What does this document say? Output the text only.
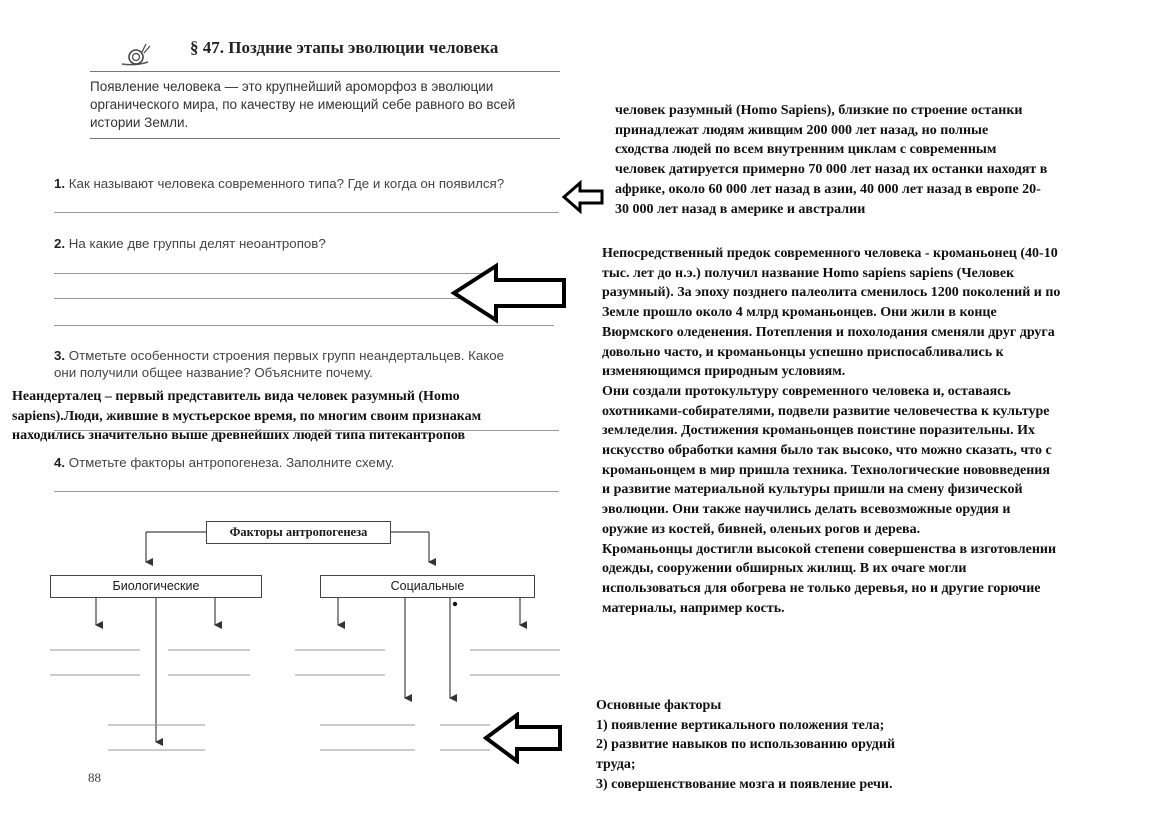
§ 47. Поздние этапы эволюции человека
Появление человека — это крупнейший ароморфоз в эволюции органического мира, по качеству не имеющий себе равного во всей истории Земли.
1. Как называют человека современного типа? Где и когда он появился?
2. На какие две группы делят неоантропов?
3. Отметьте особенности строения первых групп неандертальцев. Какое
они получили общее название? Объясните почему.
Неандерталец – первый представитель вида человек разумный (Homo
sapiens).Люди, жившие в мустьерское время, по многим своим признакам
находились значительно выше древнейших людей типа питекантропов
4. Отметьте факторы антропогенеза. Заполните схему.
Факторы антропогенеза
Биологические	Социальные
88
человек разумный (Homo Sapiens), близкие по строение останки
принадлежат людям живщим 200 000 лет назад, но полные
сходства людей по всем внутренним циклам с современным
человек датируется примерно 70 000 лет назад их останки находят в
африке, около 60 000 лет назад в азии, 40 000 лет назад в европе 20-
30 000 лет назад в америке и австралии
Непосредственный предок современного человека - кроманьонец (40-10
тыс. лет до н.э.) получил название Homo sapiens sapiens (Человек
разумный). За эпоху позднего палеолита сменилось 1200 поколений и по
Земле прошло около 4 млрд кроманьонцев. Они жили в конце
Вюрмского оледенения. Потепления и похолодания сменяли друг друга
довольно часто, и кроманьонцы успешно приспосабливались к
изменяющимся природным условиям.
Они создали протокультуру современного человека и, оставаясь
охотниками-собирателями, подвели развитие человечества к культуре
земледелия. Достижения кроманьонцев поистине поразительны. Их
искусство обработки камня было так высоко, что можно сказать, что с
кроманьонцем в мир пришла техника. Технологические нововведения
и развитие материальной культуры пришли на смену физической
эволюции. Они также научились делать всевозможные орудия и
оружие из костей, бивней, оленьих рогов и дерева.
Кроманьонцы достигли высокой степени совершенства в изготовлении
одежды, сооружении обширных жилищ. В их очаге могли
использоваться для обогрева не только деревья, но и другие горючие
материалы, например кость.
Основные факторы
1) появление вертикального положения тела;
2) развитие навыков по использованию орудий
труда;
3) совершенствование мозга и появление речи.
